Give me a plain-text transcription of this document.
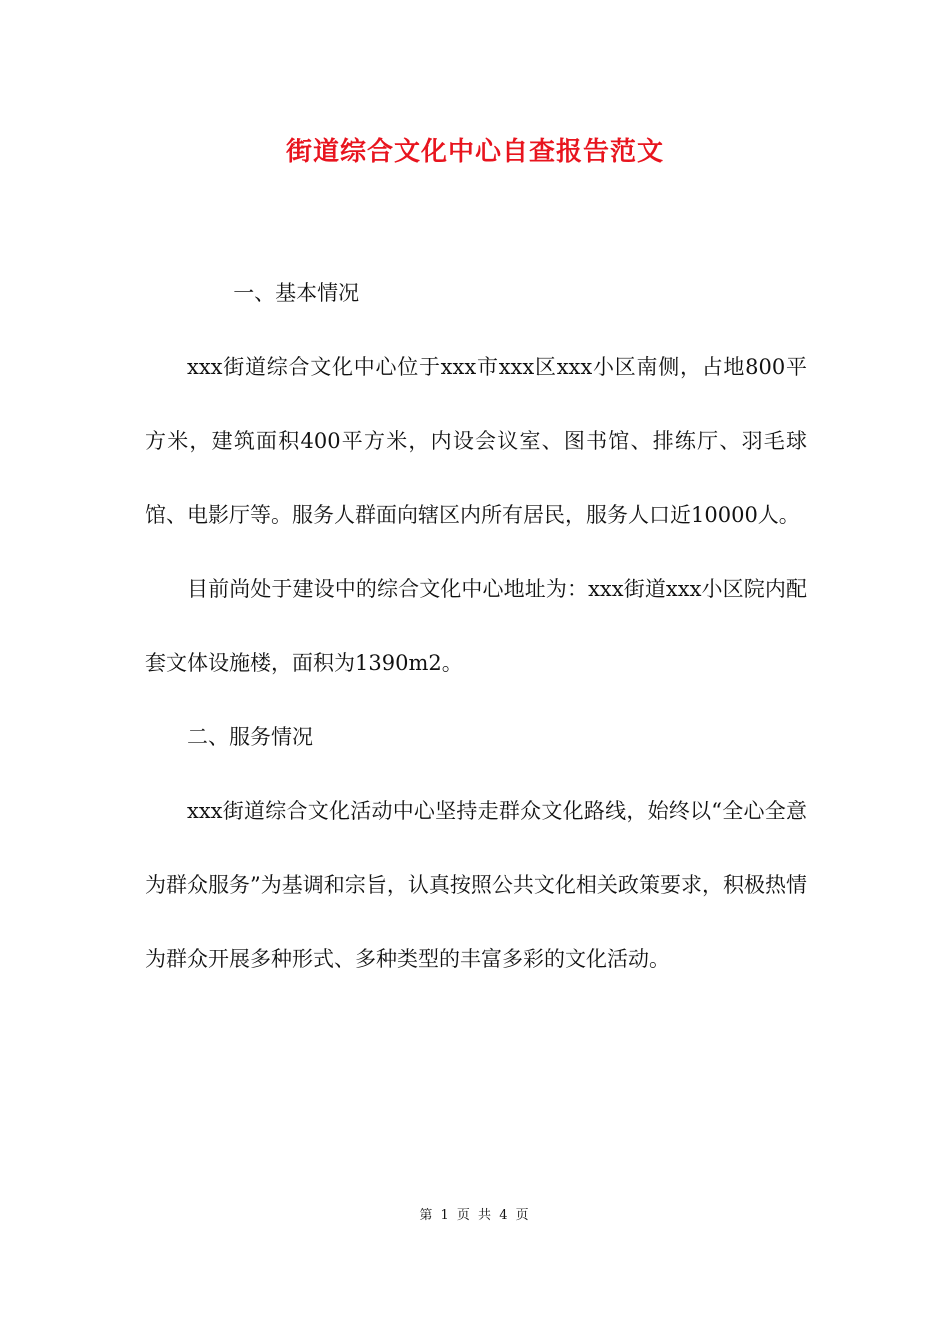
街道综合文化中心自查报告范文

一、基本情况

xxx街道综合文化中心位于xxx市xxx区xxx小区南侧，占地800平方米，建筑面积400平方米，内设会议室、图书馆、排练厅、羽毛球馆、电影厅等。服务人群面向辖区内所有居民，服务人口近10000人。

目前尚处于建设中的综合文化中心地址为：xxx街道xxx小区院内配套文体设施楼，面积为1390m2。

二、服务情况

xxx街道综合文化活动中心坚持走群众文化路线，始终以“全心全意为群众服务”为基调和宗旨，认真按照公共文化相关政策要求，积极热情为群众开展多种形式、多种类型的丰富多彩的文化活动。

第 1 页 共 4 页
